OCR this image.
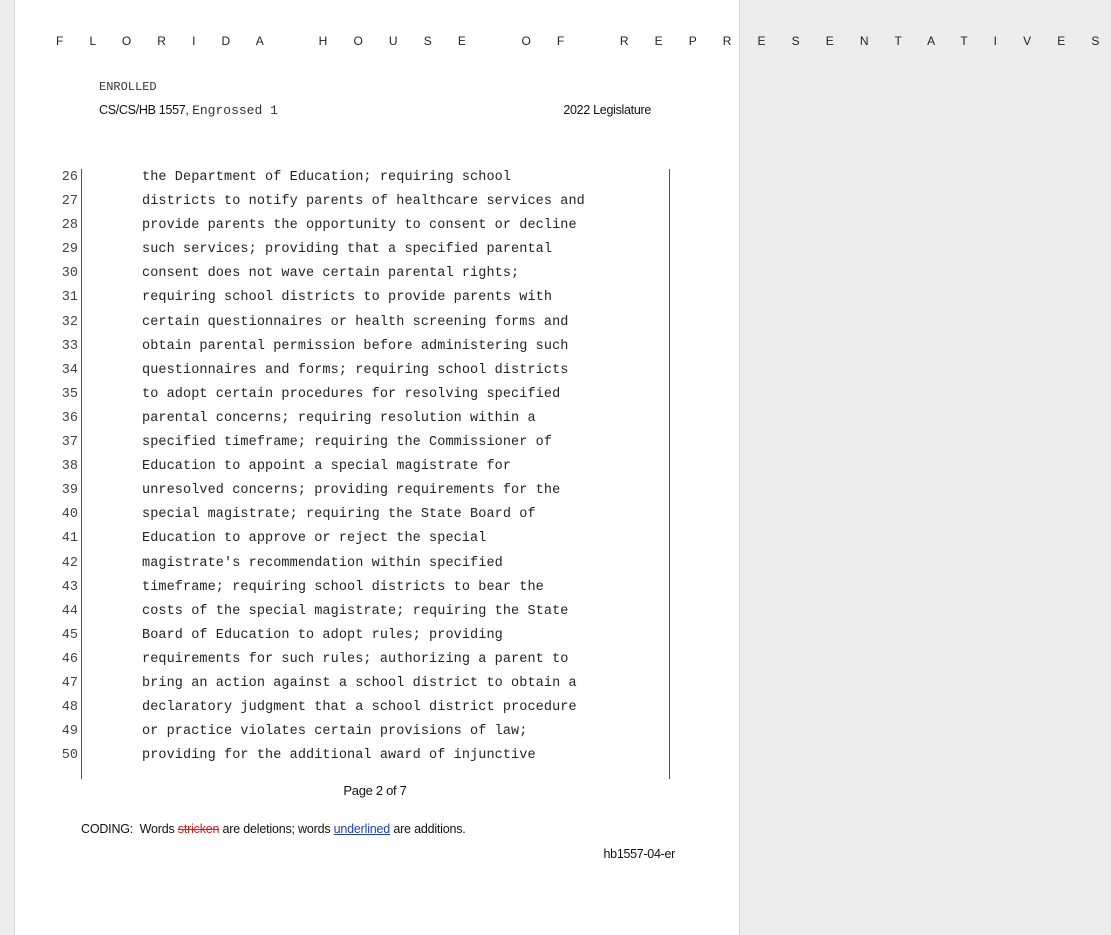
F L O R I D A   H O U S E   O F   R E P R E S E N T A T I V E S
ENROLLED
CS/CS/HB 1557, Engrossed 1	2022 Legislature
26	the Department of Education; requiring school
27	districts to notify parents of healthcare services and
28	provide parents the opportunity to consent or decline
29	such services; providing that a specified parental
30	consent does not wave certain parental rights;
31	requiring school districts to provide parents with
32	certain questionnaires or health screening forms and
33	obtain parental permission before administering such
34	questionnaires and forms; requiring school districts
35	to adopt certain procedures for resolving specified
36	parental concerns; requiring resolution within a
37	specified timeframe; requiring the Commissioner of
38	Education to appoint a special magistrate for
39	unresolved concerns; providing requirements for the
40	special magistrate; requiring the State Board of
41	Education to approve or reject the special
42	magistrate's recommendation within specified
43	timeframe; requiring school districts to bear the
44	costs of the special magistrate; requiring the State
45	Board of Education to adopt rules; providing
46	requirements for such rules; authorizing a parent to
47	bring an action against a school district to obtain a
48	declaratory judgment that a school district procedure
49	or practice violates certain provisions of law;
50	providing for the additional award of injunctive
Page 2 of 7
CODING:  Words stricken are deletions; words underlined are additions.
hb1557-04-er
